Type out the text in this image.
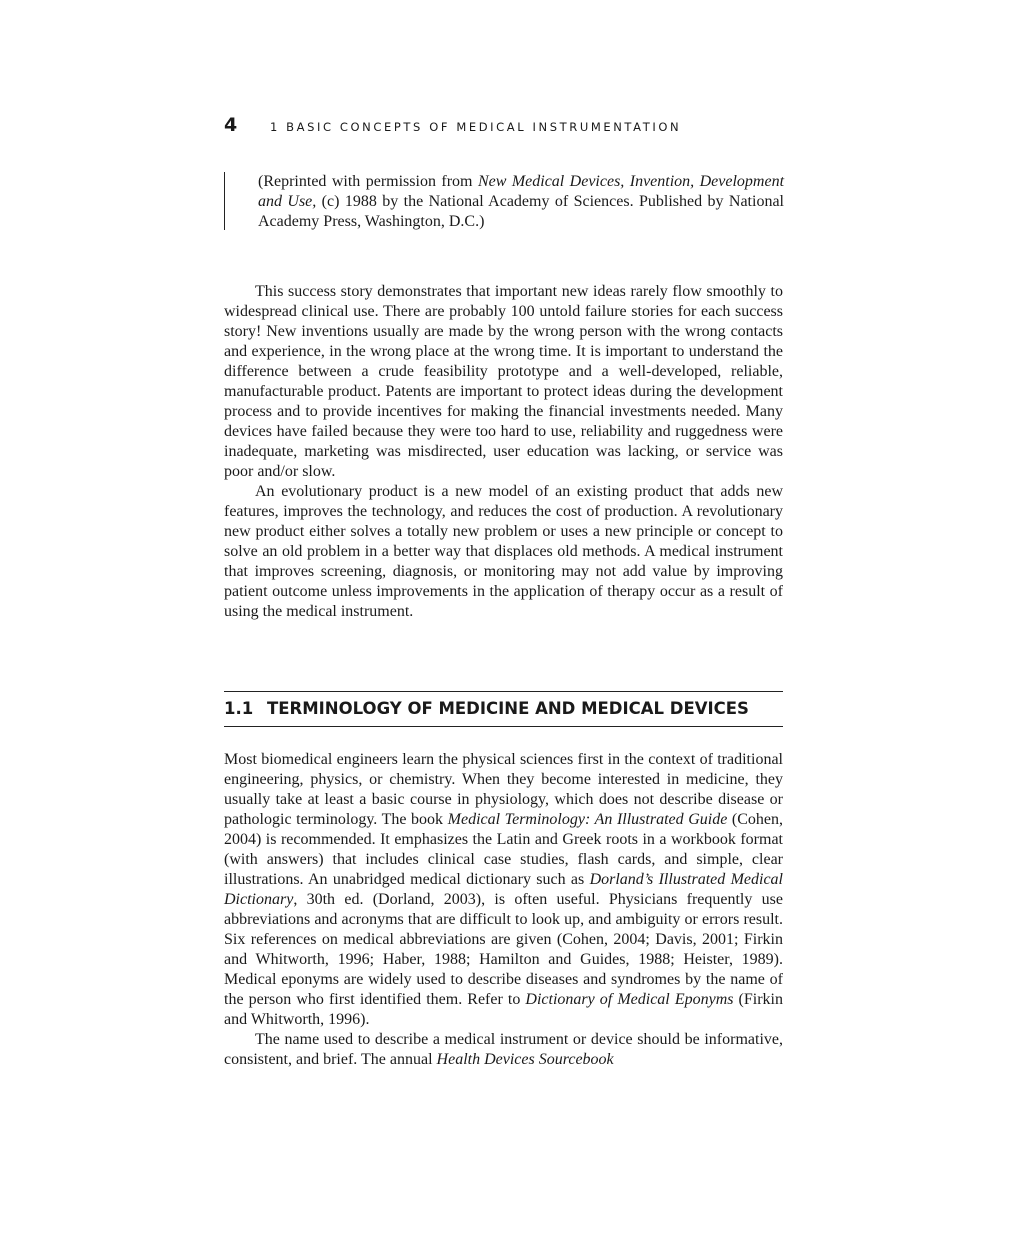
4	1 BASIC CONCEPTS OF MEDICAL INSTRUMENTATION
(Reprinted with permission from New Medical Devices, Invention, Development and Use, (c) 1988 by the National Academy of Sciences. Published by National Academy Press, Washington, D.C.)

This success story demonstrates that important new ideas rarely flow smoothly to widespread clinical use. There are probably 100 untold failure stories for each success story! New inventions usually are made by the wrong person with the wrong contacts and experience, in the wrong place at the wrong time. It is important to understand the difference between a crude feasibility prototype and a well-developed, reliable, manufacturable product. Patents are important to protect ideas during the development process and to provide incentives for making the financial investments needed. Many devices have failed because they were too hard to use, reliability and ruggedness were inadequate, marketing was misdirected, user education was lacking, or service was poor and/or slow.

An evolutionary product is a new model of an existing product that adds new features, improves the technology, and reduces the cost of production. A revolutionary new product either solves a totally new problem or uses a new principle or concept to solve an old problem in a better way that displaces old methods. A medical instrument that improves screening, diagnosis, or monitoring may not add value by improving patient outcome unless improvements in the application of therapy occur as a result of using the medical instrument.

1.1 TERMINOLOGY OF MEDICINE AND MEDICAL DEVICES

Most biomedical engineers learn the physical sciences first in the context of traditional engineering, physics, or chemistry. When they become interested in medicine, they usually take at least a basic course in physiology, which does not describe disease or pathologic terminology. The book Medical Terminology: An Illustrated Guide (Cohen, 2004) is recommended. It emphasizes the Latin and Greek roots in a workbook format (with answers) that includes clinical case studies, flash cards, and simple, clear illustrations. An unabridged medical dictionary such as Dorland’s Illustrated Medical Dictionary, 30th ed. (Dorland, 2003), is often useful. Physicians frequently use abbreviations and acronyms that are difficult to look up, and ambiguity or errors result. Six references on medical abbreviations are given (Cohen, 2004; Davis, 2001; Firkin and Whitworth, 1996; Haber, 1988; Hamilton and Guides, 1988; Heister, 1989). Medical eponyms are widely used to describe diseases and syndromes by the name of the person who first identified them. Refer to Dictionary of Medical Eponyms (Firkin and Whitworth, 1996).

The name used to describe a medical instrument or device should be informative, consistent, and brief. The annual Health Devices Sourcebook
